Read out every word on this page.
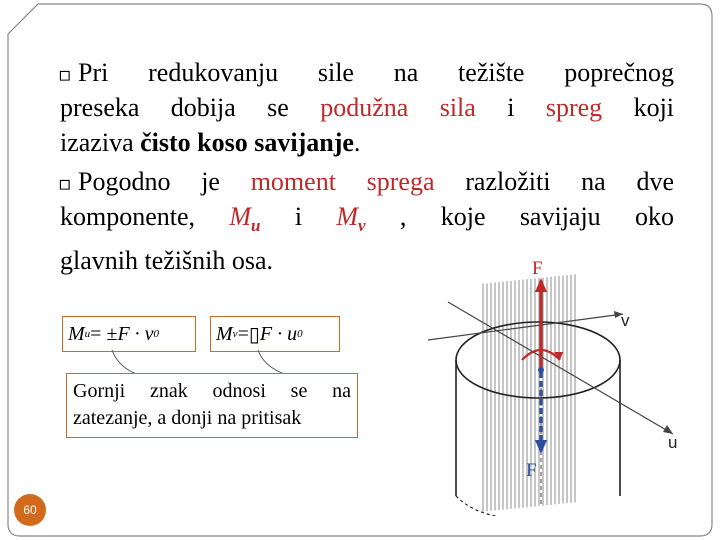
▫ Pri redukovanju sile na težište poprečnog
preseka dobija se podužna sila i spreg koji
izaziva čisto koso savijanje.
▫ Pogodno je moment sprega razložiti na dve
komponente, $M_u$ i $M_v$ , koje savijaju oko
glavnih težišnih osa.
M u = ± F · v 0	M v = ▯ F · u 0
Gornji znak odnosi se na
zatezanje, a donji na pritisak
60
F
F
v
u
